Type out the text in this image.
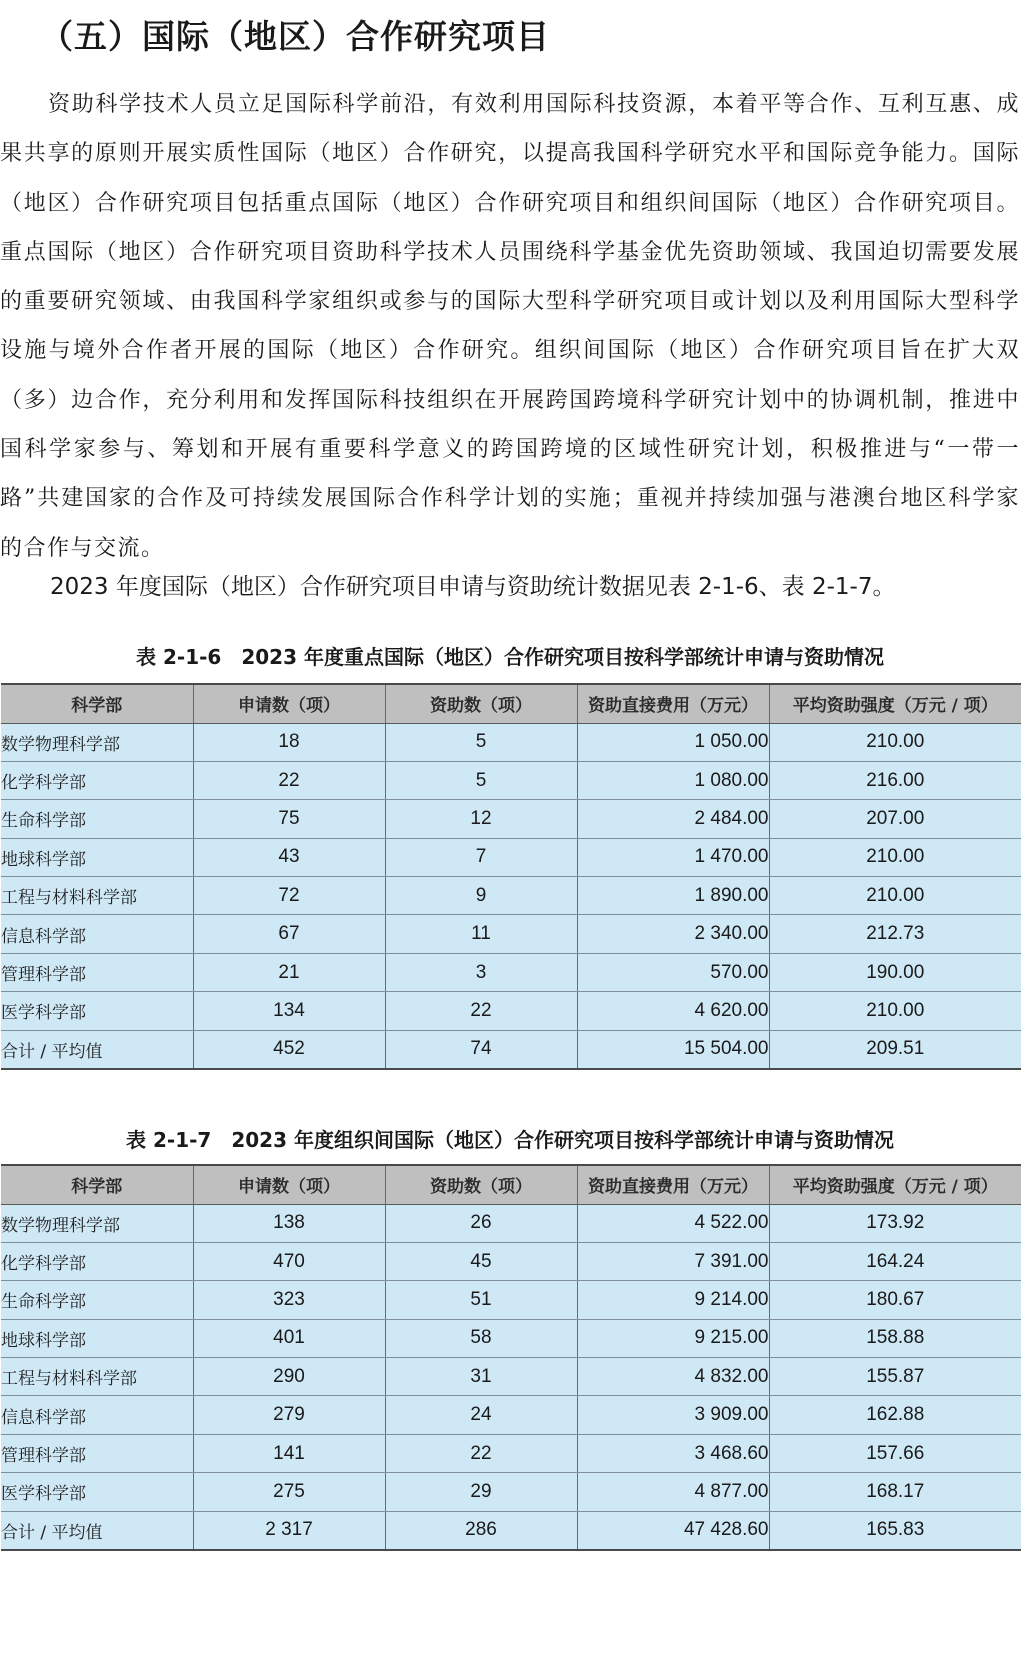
（五）国际（地区）合作研究项目

资助科学技术人员立足国际科学前沿，有效利用国际科技资源，本着平等合作、互利互惠、成果共享的原则开展实质性国际（地区）合作研究，以提高我国科学研究水平和国际竞争能力。国际（地区）合作研究项目包括重点国际（地区）合作研究项目和组织间国际（地区）合作研究项目。重点国际（地区）合作研究项目资助科学技术人员围绕科学基金优先资助领域、我国迫切需要发展的重要研究领域、由我国科学家组织或参与的国际大型科学研究项目或计划以及利用国际大型科学设施与境外合作者开展的国际（地区）合作研究。组织间国际（地区）合作研究项目旨在扩大双（多）边合作，充分利用和发挥国际科技组织在开展跨国跨境科学研究计划中的协调机制，推进中国科学家参与、筹划和开展有重要科学意义的跨国跨境的区域性研究计划，积极推进与“一带一路”共建国家的合作及可持续发展国际合作科学计划的实施；重视并持续加强与港澳台地区科学家的合作与交流。

2023 年度国际（地区）合作研究项目申请与资助统计数据见表 2-1-6、表 2-1-7。

表 2-1-6　2023 年度重点国际（地区）合作研究项目按科学部统计申请与资助情况
科学部	申请数（项）	资助数（项）	资助直接费用（万元）	平均资助强度（万元 / 项）
数学物理科学部	18	5	1 050.00	210.00
化学科学部	22	5	1 080.00	216.00
生命科学部	75	12	2 484.00	207.00
地球科学部	43	7	1 470.00	210.00
工程与材料科学部	72	9	1 890.00	210.00
信息科学部	67	11	2 340.00	212.73
管理科学部	21	3	570.00	190.00
医学科学部	134	22	4 620.00	210.00
合计 / 平均值	452	74	15 504.00	209.51
表 2-1-7　2023 年度组织间国际（地区）合作研究项目按科学部统计申请与资助情况
科学部	申请数（项）	资助数（项）	资助直接费用（万元）	平均资助强度（万元 / 项）
数学物理科学部	138	26	4 522.00	173.92
化学科学部	470	45	7 391.00	164.24
生命科学部	323	51	9 214.00	180.67
地球科学部	401	58	9 215.00	158.88
工程与材料科学部	290	31	4 832.00	155.87
信息科学部	279	24	3 909.00	162.88
管理科学部	141	22	3 468.60	157.66
医学科学部	275	29	4 877.00	168.17
合计 / 平均值	2 317	286	47 428.60	165.83
